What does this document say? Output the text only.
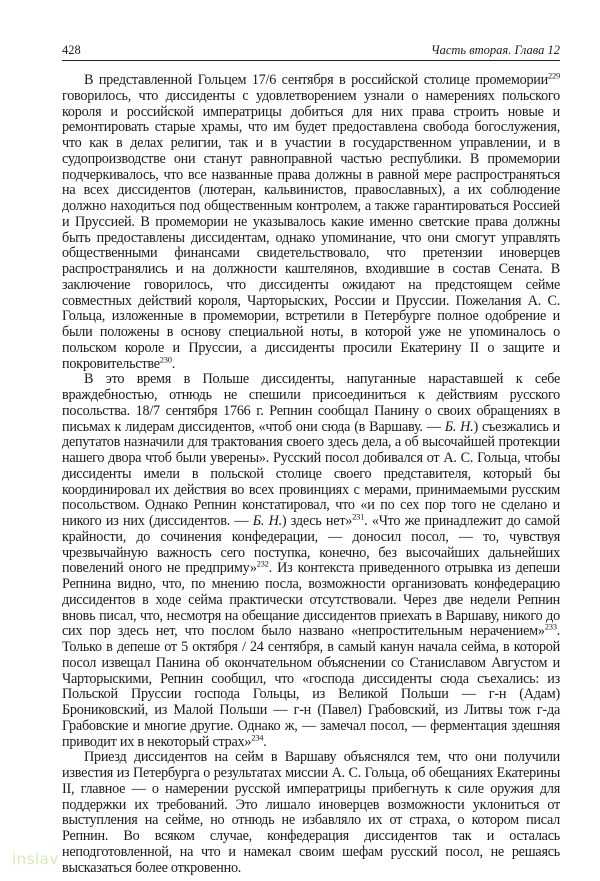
428	Часть вторая. Глава 12

В представленной Гольцем 17/6 сентября в российской столице промемории$^{229}$ говорилось, что диссиденты с удовлетворением узнали о намерениях польского короля и российской императрицы добиться для них права строить новые и ремонтировать старые храмы, что им будет предоставлена свобода богослужения, что как в делах религии, так и в участии в государственном управлении, и в судопроизводстве они станут равноправной частью республики. В промемории подчеркивалось, что все названные права должны в равной мере распространяться на всех диссидентов (лютеран, кальвинистов, православных), а их соблюдение должно находиться под общественным контролем, а также гарантироваться Россией и Пруссией. В промемории не указывалось какие именно светские права должны быть предоставлены диссидентам, однако упоминание, что они смогут управлять общественными финансами свидетельствовало, что претензии иноверцев распространялись и на должности каштелянов, входившие в состав Сената. В заключение говорилось, что диссиденты ожидают на предстоящем сейме совместных действий короля, Чарторыских, России и Пруссии. Пожелания А. С. Гольца, изложенные в промемории, встретили в Петербурге полное одобрение и были положены в основу специальной ноты, в которой уже не упоминалось о польском короле и Пруссии, а диссиденты просили Екатерину II о защите и покровительстве$^{230}$.

В это время в Польше диссиденты, напуганные нараставшей к себе враждебностью, отнюдь не спешили присоединиться к действиям русского посольства. 18/7 сентября 1766 г. Репнин сообщал Панину о своих обращениях в письмах к лидерам диссидентов, «чтоб они сюда (в Варшаву. — Б. Н.) съезжались и депутатов назначили для трактования своего здесь дела, а об высочайшей протекции нашего двора чтоб были уверены». Русский посол добивался от А. С. Гольца, чтобы диссиденты имели в польской столице своего представителя, который бы координировал их действия во всех провинциях с мерами, принимаемыми русским посольством. Однако Репнин констатировал, что «и по сех пор того не сделано и никого из них (диссидентов. — Б. Н.) здесь нет»$^{231}$. «Что же принадлежит до самой крайности, до сочинения конфедерации, — доносил посол, — то, чувствуя чрезвычайную важность сего поступка, конечно, без высочайших дальнейших повелений оного не предприму»$^{232}$. Из контекста приведенного отрывка из депеши Репнина видно, что, по мнению посла, возможности организовать конфедерацию диссидентов в ходе сейма практически отсутствовали. Через две недели Репнин вновь писал, что, несмотря на обещание диссидентов приехать в Варшаву, никого до сих пор здесь нет, что послом было названо «непростительным нерачением»$^{233}$. Только в депеше от 5 октября / 24 сентября, в самый канун начала сейма, в которой посол извещал Панина об окончательном объяснении со Станиславом Августом и Чарторыскими, Репнин сообщил, что «господа диссиденты сюда съехались: из Польской Пруссии господа Гольцы, из Великой Польши — г-н (Адам) Брониковский, из Малой Польши — г-н (Павел) Грабовский, из Литвы тож г-да Грабовские и многие другие. Однако ж, — замечал посол, — ферментация здешняя приводит их в некоторый страх»$^{234}$.

Приезд диссидентов на сейм в Варшаву объяснялся тем, что они получили известия из Петербурга о результатах миссии А. С. Гольца, об обещаниях Екатерины II, главное — о намерении русской императрицы прибегнуть к силе оружия для поддержки их требований. Это лишало иноверцев возможности уклониться от выступления на сейме, но отнюдь не избавляло их от страха, о котором писал Репнин. Во всяком случае, конфедерация диссидентов так и осталась неподготовленной, на что и намекал своим шефам русский посол, не решаясь высказаться более откровенно.

inslav
